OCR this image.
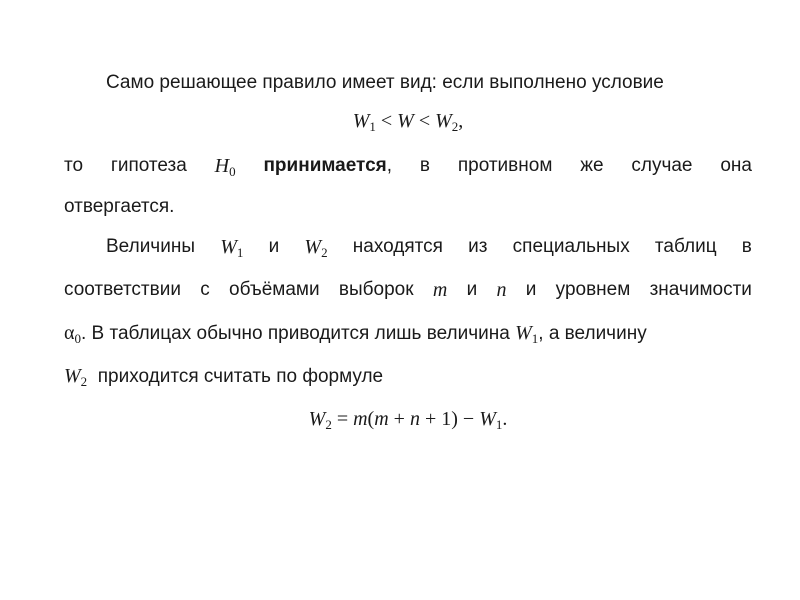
Само решающее правило имеет вид: если выполнено условие
$W_1 < W < W_2$,
то гипотеза $H_0$ принимается, в противном же случае она
отвергается.
Величины $W_1$ и $W_2$ находятся из специальных таблиц в
соответствии с объёмами выборок m и n и уровнем значимости
$\alpha_0$. В таблицах обычно приводится лишь величина $W_1$, а величину
$W_2$  приходится считать по формуле
$W_2 = m(m + n + 1) - W_1$.
